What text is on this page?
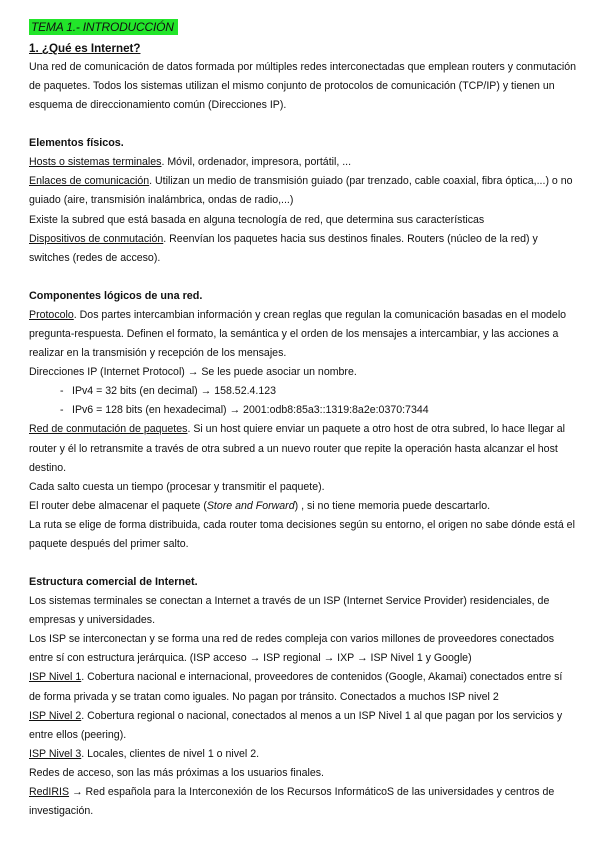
TEMA 1.- INTRODUCCIÓN
1. ¿Qué es Internet?

Una red de comunicación de datos formada por múltiples redes interconectadas que emplean routers y conmutación de paquetes. Todos los sistemas utilizan el mismo conjunto de protocolos de comunicación (TCP/IP) y tienen un esquema de direccionamiento común (Direcciones IP).

Elementos físicos.

Hosts o sistemas terminales. Móvil, ordenador, impresora, portátil, ...

Enlaces de comunicación. Utilizan un medio de transmisión guiado (par trenzado, cable coaxial, fibra óptica,...) o no guiado (aire, transmisión inalámbrica, ondas de radio,...)

Existe la subred que está basada en alguna tecnología de red, que determina sus características

Dispositivos de conmutación. Reenvían los paquetes hacia sus destinos finales. Routers (núcleo de la red) y switches (redes de acceso).

Componentes lógicos de una red.

Protocolo. Dos partes intercambian información y crean reglas que regulan la comunicación basadas en el modelo pregunta-respuesta. Definen el formato, la semántica y el orden de los mensajes a intercambiar, y las acciones a realizar en la transmisión y recepción de los mensajes.

Direcciones IP (Internet Protocol) → Se les puede asociar un nombre.

- IPv4 = 32 bits (en decimal) → 158.52.4.123
- IPv6 = 128 bits (en hexadecimal) → 2001:odb8:85a3::1319:8a2e:0370:7344

Red de conmutación de paquetes. Si un host quiere enviar un paquete a otro host de otra subred, lo hace llegar al router y él lo retransmite a través de otra subred a un nuevo router que repite la operación hasta alcanzar el host destino.

Cada salto cuesta un tiempo (procesar y transmitir el paquete).

El router debe almacenar el paquete (Store and Forward) , si no tiene memoria puede descartarlo.

La ruta se elige de forma distribuida, cada router toma decisiones según su entorno, el origen no sabe dónde está el paquete después del primer salto.

Estructura comercial de Internet.

Los sistemas terminales se conectan a Internet a través de un ISP (Internet Service Provider) residenciales, de empresas y universidades.

Los ISP se interconectan y se forma una red de redes compleja con varios millones de proveedores conectados entre sí con estructura jerárquica. (ISP acceso → ISP regional → IXP → ISP Nivel 1 y Google)

ISP Nivel 1. Cobertura nacional e internacional, proveedores de contenidos (Google, Akamai) conectados entre sí de forma privada y se tratan como iguales. No pagan por tránsito. Conectados a muchos ISP nivel 2

ISP Nivel 2. Cobertura regional o nacional, conectados al menos a un ISP Nivel 1 al que pagan por los servicios y entre ellos (peering).

ISP Nivel 3. Locales, clientes de nivel 1 o nivel 2.

Redes de acceso, son las más próximas a los usuarios finales.

RedIRIS → Red española para la Interconexión de los Recursos InformáticoS de las universidades y centros de investigación.
